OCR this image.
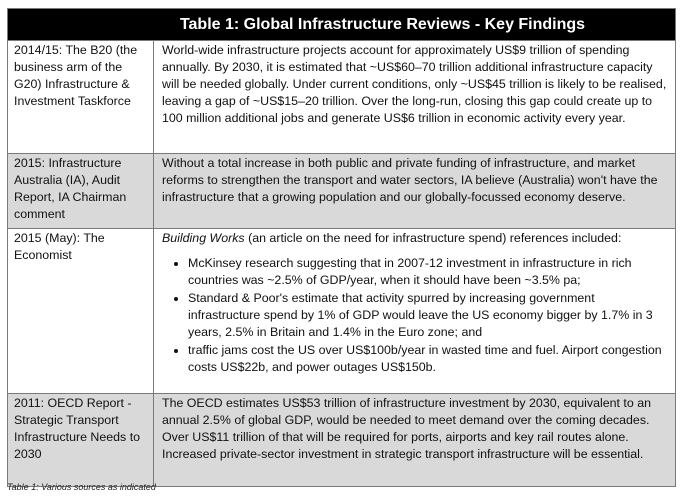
Table 1: Global Infrastructure Reviews - Key Findings
2014/15: The B20 (the business arm of the G20) Infrastructure & Investment Taskforce
World-wide infrastructure projects account for approximately US$9 trillion of spending annually. By 2030, it is estimated that ~US$60–70 trillion additional infrastructure capacity will be needed globally. Under current conditions, only ~US$45 trillion is likely to be realised, leaving a gap of ~US$15–20 trillion. Over the long-run, closing this gap could create up to 100 million additional jobs and generate US$6 trillion in economic activity every year.
2015: Infrastructure Australia (IA), Audit Report, IA Chairman comment
Without a total increase in both public and private funding of infrastructure, and market reforms to strengthen the transport and water sectors, IA believe (Australia) won't have the infrastructure that a growing population and our globally-focussed economy deserve.
2015 (May): The Economist

Building Works (an article on the need for infrastructure spend) references included:

• McKinsey research suggesting that in 2007-12 investment in infrastructure in rich countries was ~2.5% of GDP/year, when it should have been ~3.5% pa;
• Standard & Poor's estimate that activity spurred by increasing government infrastructure spend by 1% of GDP would leave the US economy bigger by 1.7% in 3 years, 2.5% in Britain and 1.4% in the Euro zone; and
• traffic jams cost the US over US$100b/year in wasted time and fuel. Airport congestion costs US$22b, and power outages US$150b.
2011: OECD Report - Strategic Transport Infrastructure Needs to 2030
The OECD estimates US$53 trillion of infrastructure investment by 2030, equivalent to an annual 2.5% of global GDP, would be needed to meet demand over the coming decades. Over US$11 trillion of that will be required for ports, airports and key rail routes alone. Increased private-sector investment in strategic transport infrastructure will be essential.
Table 1: Various sources as indicated
